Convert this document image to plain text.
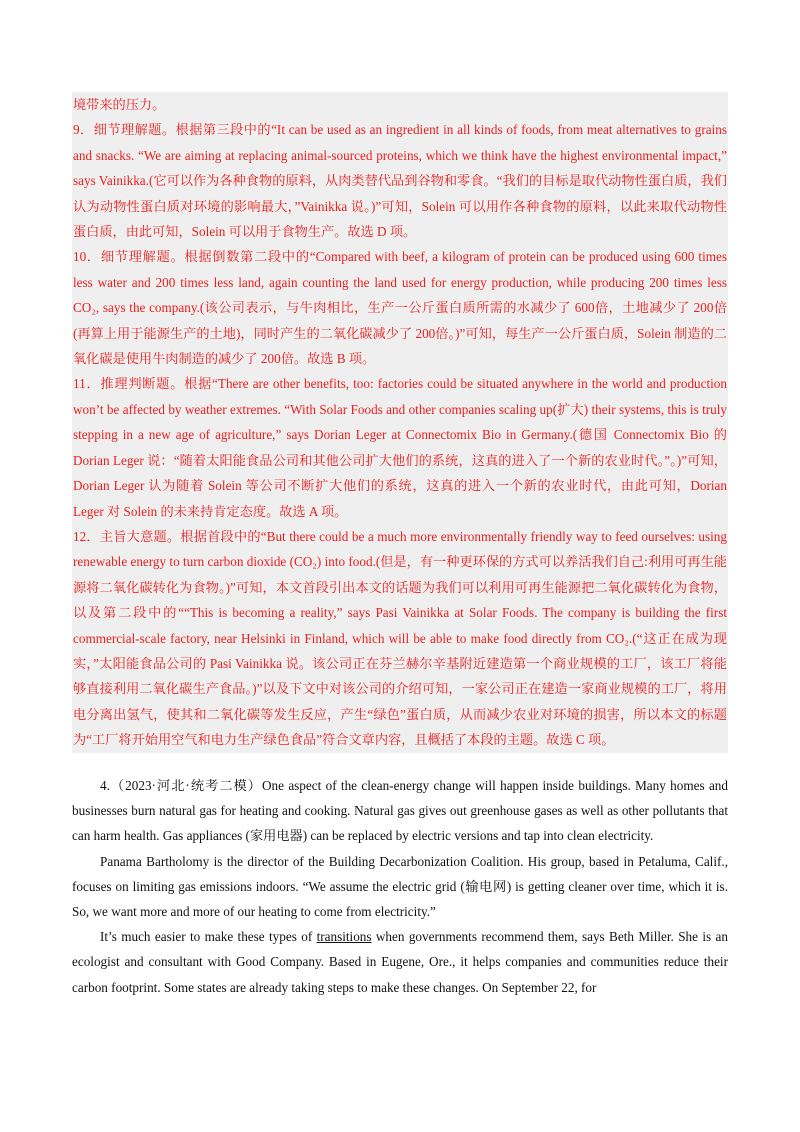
境带来的压力。

9．细节理解题。根据第三段中的“It can be used as an ingredient in all kinds of foods, from meat alternatives to grains and snacks. “We are aiming at replacing animal-sourced proteins, which we think have the highest environmental impact,” says Vainikka.(它可以作为各种食物的原料，从肉类替代品到谷物和零食。“我们的目标是取代动物性蛋白质，我们认为动物性蛋白质对环境的影响最大，”Vainikka 说。)”可知，Solein 可以用作各种食物的原料，以此来取代动物性蛋白质，由此可知，Solein 可以用于食物生产。故选 D 项。

10．细节理解题。根据倒数第二段中的“Compared with beef, a kilogram of protein can be produced using 600 times less water and 200 times less land, again counting the land used for energy production, while producing 200 times less CO₂, says the company.(该公司表示，与牛肉相比，生产一公斤蛋白质所需的水减少了 600倍，土地减少了 200倍(再算上用于能源生产的土地)，同时产生的二氧化碳减少了 200倍。)”可知，每生产一公斤蛋白质，Solein 制造的二氧化碳是使用牛肉制造的减少了 200倍。故选 B 项。

11．推理判断题。根据“There are other benefits, too: factories could be situated anywhere in the world and production won’t be affected by weather extremes. “With Solar Foods and other companies scaling up(扩大) their systems, this is truly stepping in a new age of agriculture,” says Dorian Leger at Connectomix Bio in Germany.(德国 Connectomix Bio 的 Dorian Leger 说：“随着太阳能食品公司和其他公司扩大他们的系统，这真的进入了一个新的农业时代。”。)”可知，Dorian Leger 认为随着 Solein 等公司不断扩大他们的系统，这真的进入一个新的农业时代，由此可知，Dorian Leger 对 Solein 的未来持肯定态度。故选 A 项。

12．主旨大意题。根据首段中的“But there could be a much more environmentally friendly way to feed ourselves: using renewable energy to turn carbon dioxide (CO₂) into food.(但是，有一种更环保的方式可以养活我们自己:利用可再生能源将二氧化碳转化为食物。)”可知，本文首段引出本文的话题为我们可以利用可再生能源把二氧化碳转化为食物，以及第二段中的““This is becoming a reality,” says Pasi Vainikka at Solar Foods. The company is building the first commercial-scale factory, near Helsinki in Finland, which will be able to make food directly from CO₂.(“这正在成为现实，”太阳能食品公司的 Pasi Vainikka 说。该公司正在芬兰赫尔辛基附近建造第一个商业规模的工厂，该工厂将能够直接利用二氧化碳生产食品。)”以及下文中对该公司的介绍可知，一家公司正在建造一家商业规模的工厂，将用电分离出氢气，使其和二氧化碳等发生反应，产生“绿色”蛋白质，从而减少农业对环境的损害，所以本文的标题为“工厂将开始用空气和电力生产绿色食品”符合文章内容，且概括了本段的主题。故选 C 项。

4.（2023·河北·统考二模）One aspect of the clean-energy change will happen inside buildings. Many homes and businesses burn natural gas for heating and cooking. Natural gas gives out greenhouse gases as well as other pollutants that can harm health. Gas appliances (家用电器) can be replaced by electric versions and tap into clean electricity.

Panama Bartholomy is the director of the Building Decarbonization Coalition. His group, based in Petaluma, Calif., focuses on limiting gas emissions indoors. “We assume the electric grid (输电网) is getting cleaner over time, which it is. So, we want more and more of our heating to come from electricity.”

It’s much easier to make these types of transitions when governments recommend them, says Beth Miller. She is an ecologist and consultant with Good Company. Based in Eugene, Ore., it helps companies and communities reduce their carbon footprint. Some states are already taking steps to make these changes. On September 22, for
